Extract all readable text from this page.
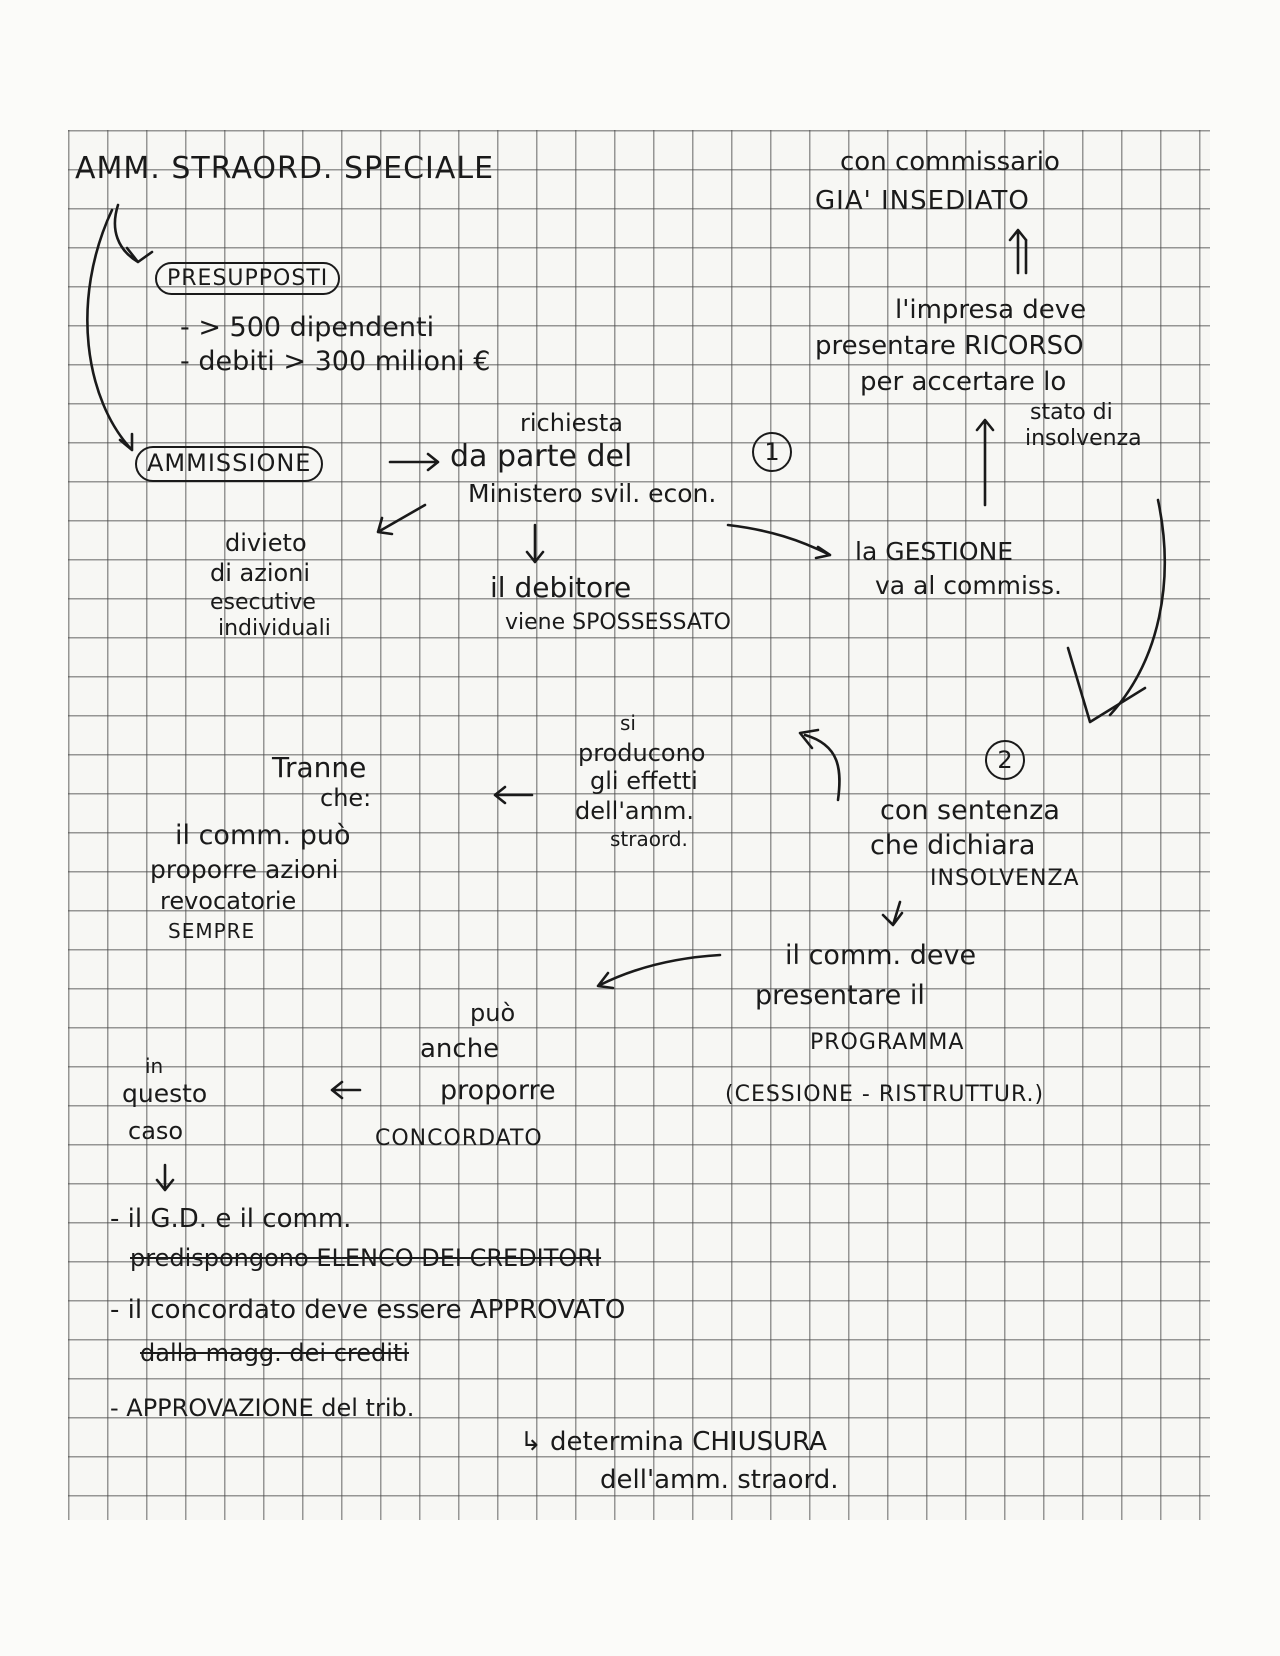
AMM. STRAORD. SPECIALE	con commissario
GIA' INSEDIATO
PRESUPPOSTI
- > 500 dipendenti
- debiti > 300 milioni €
l'impresa deve
presentare RICORSO
per accertare lo
stato di
insolvenza
AMMISSIONE
richiesta
da parte del
Ministero svil. econ.
1
divieto
di azioni
esecutive
individuali
il debitore
viene SPOSSESSATO
la GESTIONE
va al commiss.
2
con sentenza
che dichiara
INSOLVENZA
si
producono
gli effetti
dell'amm.
straord.
Tranne
che:
il comm. può
proporre azioni
revocatorie
SEMPRE
il comm. deve
presentare il
PROGRAMMA
(CESSIONE - RISTRUTTUR.)
può
anche
proporre
CONCORDATO
in
questo
caso
- il G.D. e il comm.
predispongono ELENCO DEI CREDITORI
- il concordato deve essere APPROVATO
dalla magg. dei crediti
- APPROVAZIONE del trib.
↳ determina CHIUSURA
dell'amm. straord.
